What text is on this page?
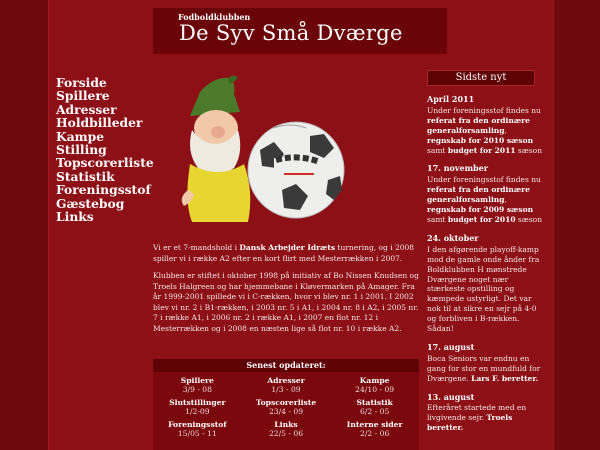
Fodboldklubben
De Syv Små Dværge
Forside
Spillere
Adresser
Holdbilleder
Kampe
Stilling
Topscorerliste
Statistik
Foreningsstof
Gæstebog
Links

Vi er et 7-mandshold i Dansk Arbejder Idræts turnering, og i 2008 spiller vi i række A2 efter en kort flirt med Mesterrækken i 2007.

Klubben er stiftet i oktober 1998 på initiativ af Bo Nissen Knudsen og Troels Halgreen og har hjemmebane i Kløvermarken på Amager. Fra år 1999-2001 spillede vi i C-rækken, hvor vi blev nr. 1 i 2001. I 2002 blev vi nr. 2 i B1-rækken, i 2003 nr. 5 i A1, i 2004 nr. 8 i A2, i 2005 nr. 7 i række A1, i 2006 nr. 2 i række A1, i 2007 en flot nr. 12 i Mesterrækken og i 2008 en næsten lige så flot nr. 10 i række A2.

Senest opdateret:
Spillere
3/9 - 08
Adresser
1/3 - 09
Kampe
24/10 - 09
Slutstillinger
1/2-09
Topscorerliste
23/4 - 09
Statistik
6/2 - 05
Foreningsstof
15/05 - 11
Links
22/5 - 06
Interne sider
2/2 - 06
Sidste nyt
April 2011
Under foreningsstof findes nu referat fra den ordinære generalforsamling, regnskab for 2010 sæson samt budget for 2011 sæson
17. november
Under foreningsstof findes nu referat fra den ordinære generalforsamling, regnskab for 2009 sæson samt budget for 2010 sæson
24. oktober
I den afgørende playoff-kamp mod de gamle onde ånder fra Boldklubben H mønstrede Dværgene noget nær stærkeste opstilling og kæmpede ustyrligt. Det var nok til at sikre en sejr på 4-0 og forbliven i B-rækken. Sådan!
17. august
Boca Seniors var endnu en gang for stor en mundfuld for Dværgene. Lars F. beretter.
13. august
Efteråret startede med en livgivende sejr. Troels beretter.
